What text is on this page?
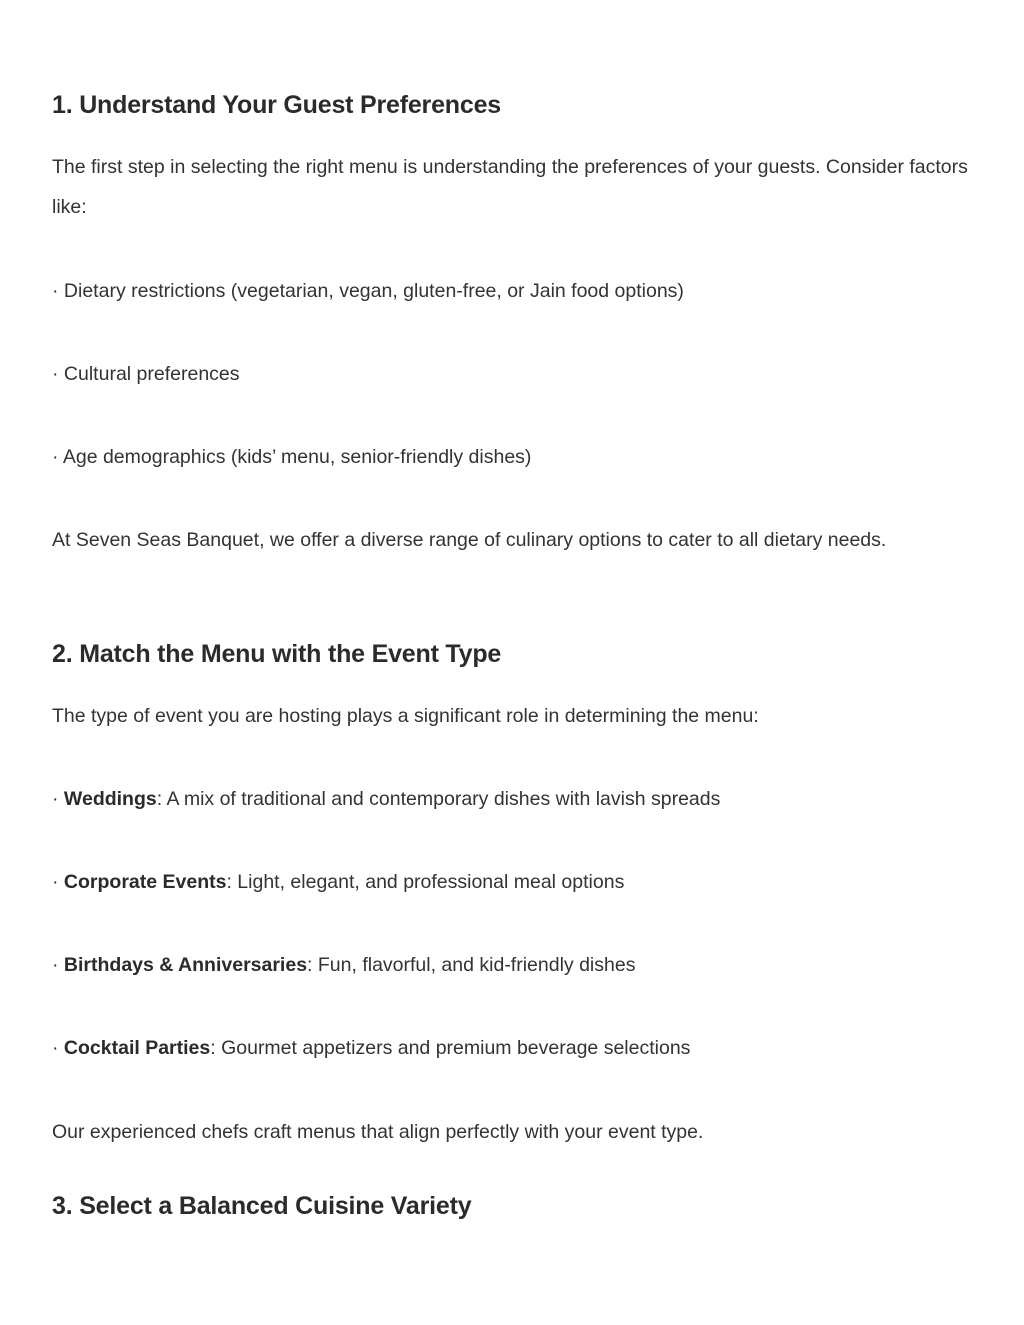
1. Understand Your Guest Preferences

The first step in selecting the right menu is understanding the preferences of your guests. Consider factors like:

· Dietary restrictions (vegetarian, vegan, gluten-free, or Jain food options)

· Cultural preferences

· Age demographics (kids’ menu, senior-friendly dishes)

At Seven Seas Banquet, we offer a diverse range of culinary options to cater to all dietary needs.

2. Match the Menu with the Event Type

The type of event you are hosting plays a significant role in determining the menu:

· Weddings: A mix of traditional and contemporary dishes with lavish spreads

· Corporate Events: Light, elegant, and professional meal options

· Birthdays & Anniversaries: Fun, flavorful, and kid-friendly dishes

· Cocktail Parties: Gourmet appetizers and premium beverage selections

Our experienced chefs craft menus that align perfectly with your event type.

3. Select a Balanced Cuisine Variety
